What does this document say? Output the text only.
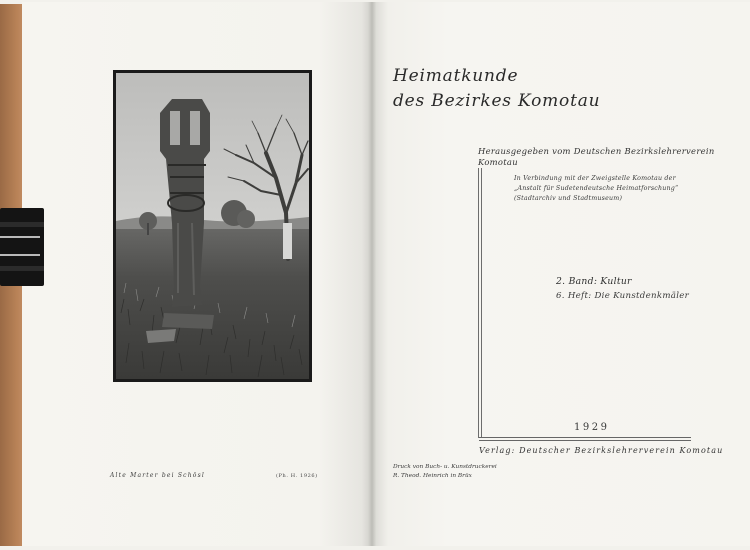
Alte Marter bei Schösl	(Ph. H. 1926)
Heimatkunde
des Bezirkes Komotau
Herausgegeben vom Deutschen Bezirkslehrerverein
Komotau
In Verbindung mit der Zweigstelle Komotau der
„Anstalt für Sudetendeutsche Heimatforschung“
(Stadtarchiv und Stadtmuseum)
2. Band: Kultur
6. Heft: Die Kunstdenkmäler
1929
Verlag: Deutscher Bezirkslehrerverein Komotau
Druck von Buch- u. Kunstdruckerei
R. Theod. Heinrich in Brüx
